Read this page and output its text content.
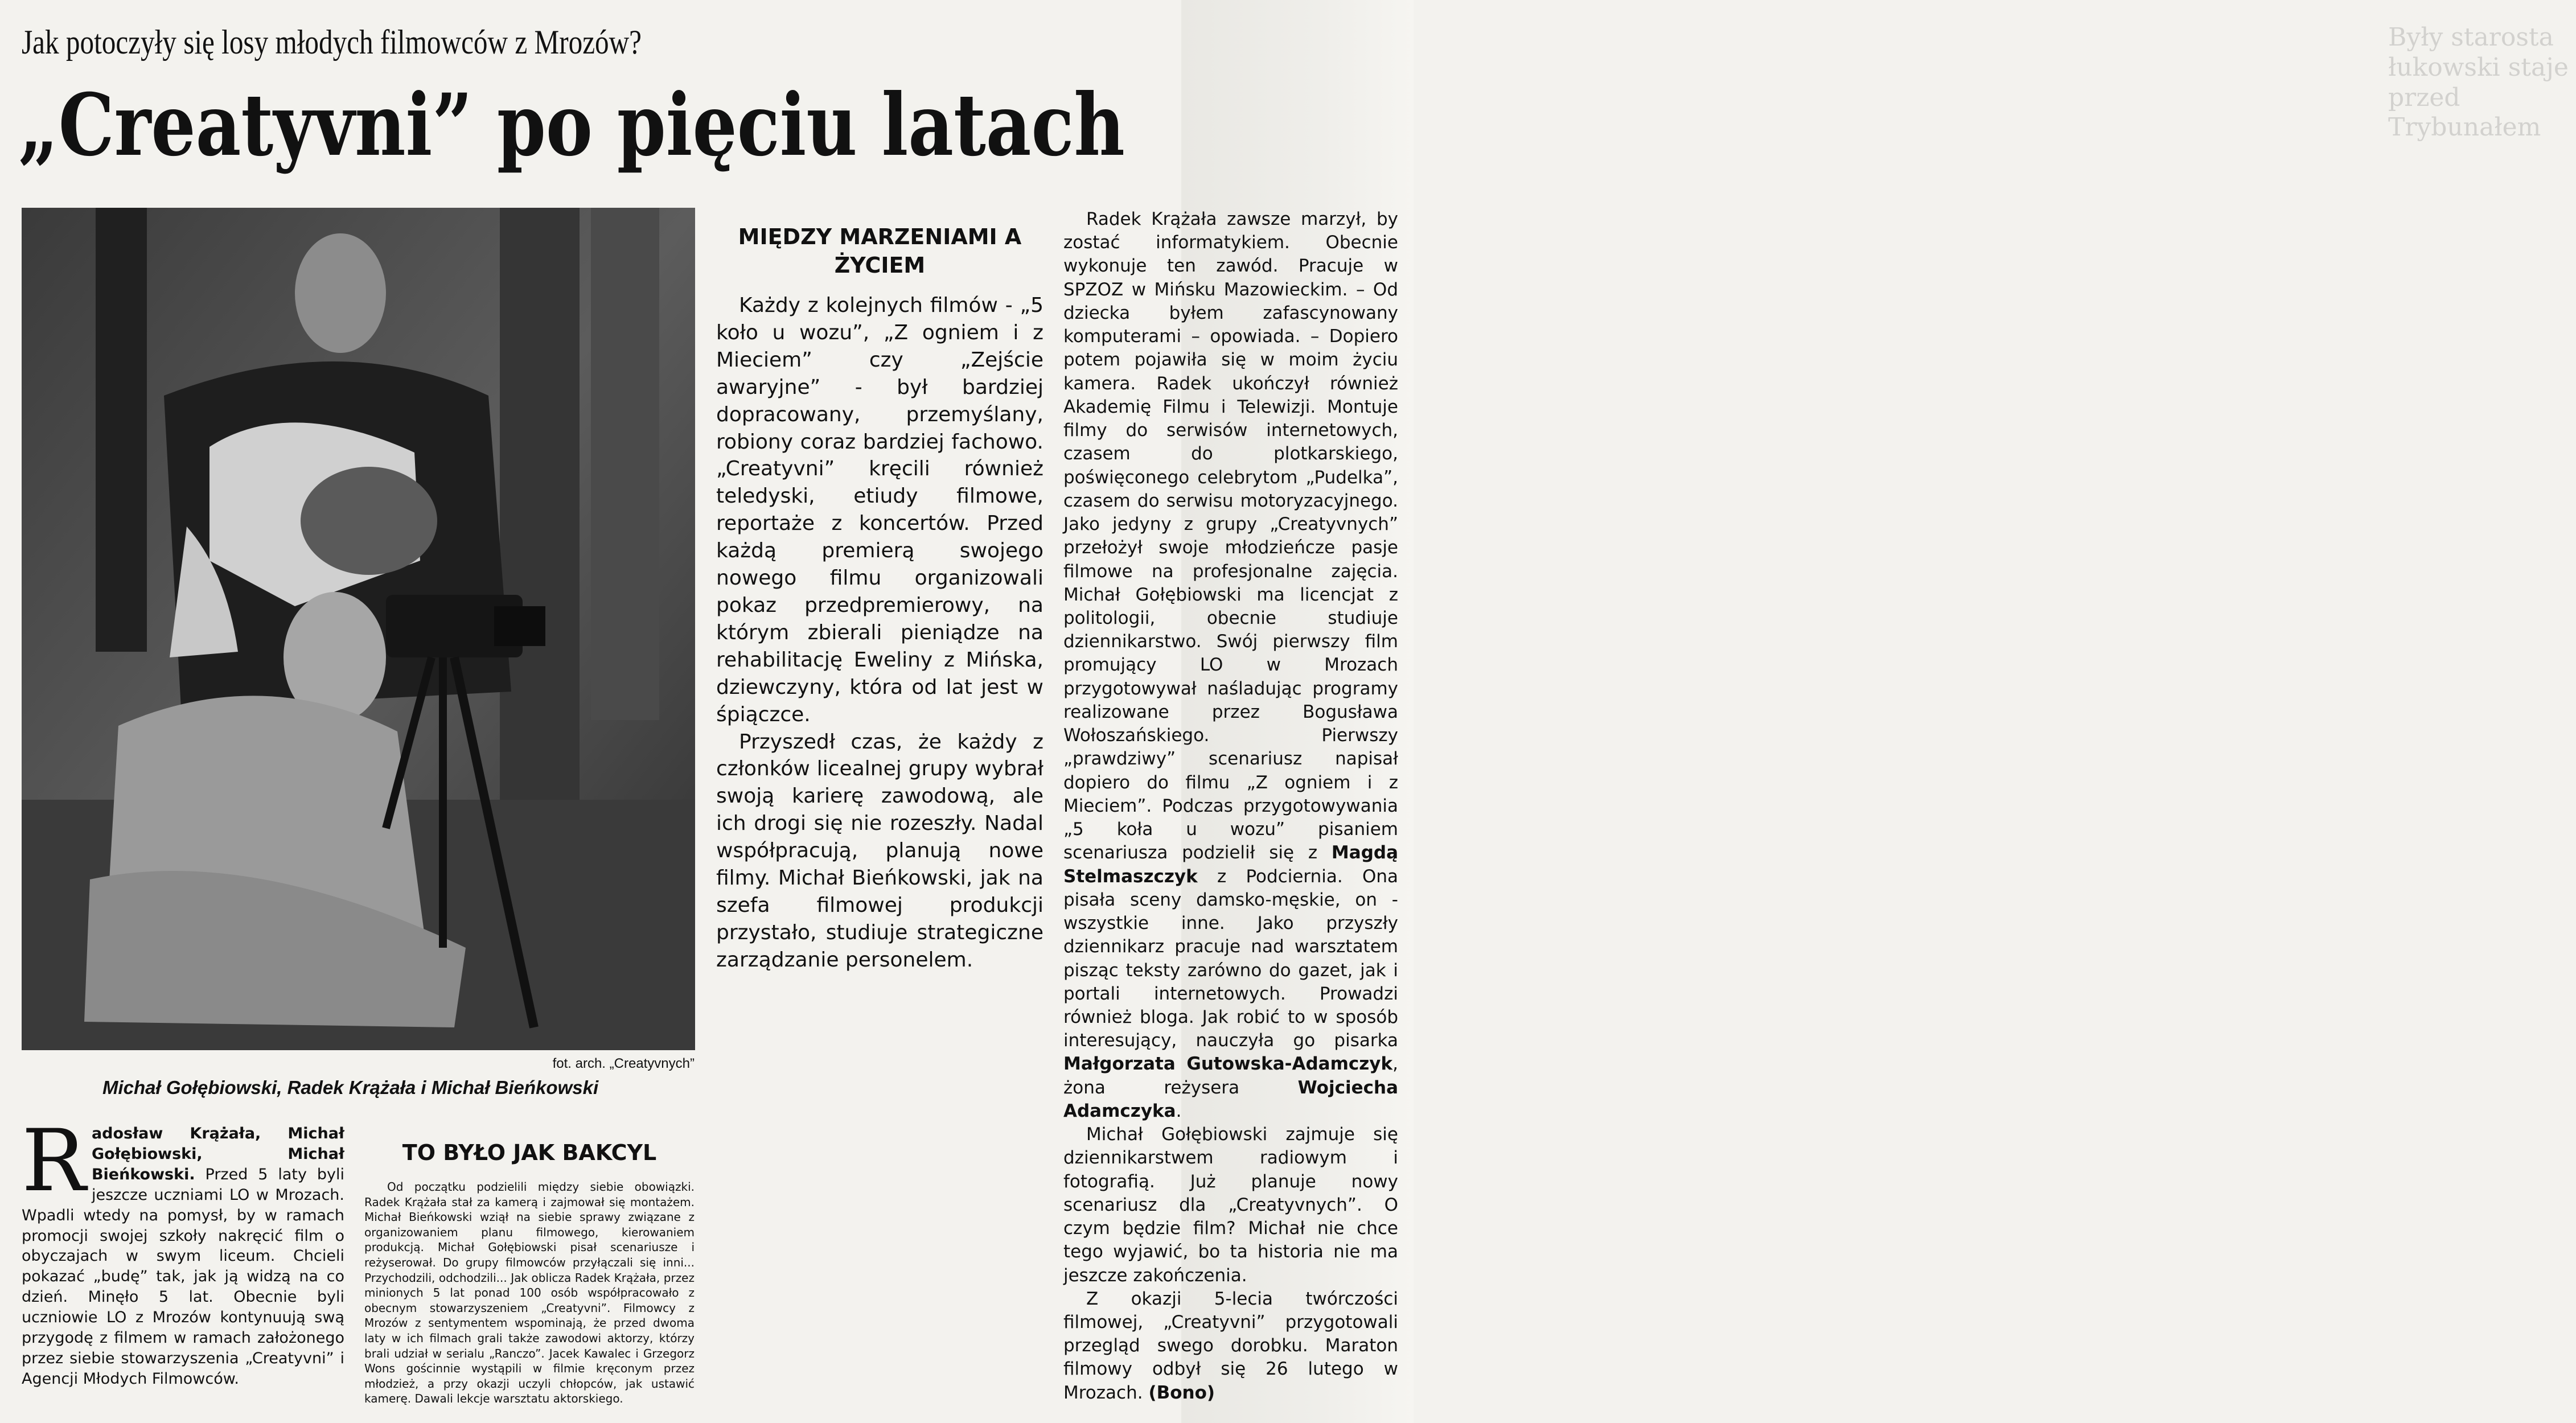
Były starosta łukowski staje przed Trybunałem
Jak potoczyły się losy młodych filmowców z Mrozów?
„Creatyvni” po pięciu latach
fot. arch. „Creatyvnych”
Michał Gołębiowski, Radek Krążała i Michał Bieńkowski

Radosław Krążała, Michał Gołębiowski, Michał Bieńkowski. Przed 5 laty byli jeszcze uczniami LO w Mrozach. Wpadli wtedy na pomysł, by w ramach promocji swojej szkoły nakręcić film o obyczajach w swym liceum. Chcieli pokazać „budę” tak, jak ją widzą na co dzień. Minęło 5 lat. Obecnie byli uczniowie LO z Mrozów kontynuują swą przygodę z filmem w ramach założonego przez siebie stowarzyszenia „Creatyvni” i Agencji Młodych Filmowców.

TO BYŁO JAK BAKCYL

Od początku podzielili między siebie obowiązki. Radek Krążała stał za kamerą i zajmował się montażem. Michał Bieńkowski wziął na siebie sprawy związane z organizowaniem planu filmowego, kierowaniem produkcją. Michał Gołębiowski pisał scenariusze i reżyserował. Do grupy filmowców przyłączali się inni... Przychodzili, odchodzili... Jak oblicza Radek Krążała, przez minionych 5 lat ponad 100 osób współpracowało z obecnym stowarzyszeniem „Creatyvni”. Filmowcy z Mrozów z sentymentem wspominają, że przed dwoma laty w ich filmach grali także zawodowi aktorzy, którzy brali udział w serialu „Ranczo”. Jacek Kawalec i Grzegorz Wons gościnnie wystąpili w filmie kręconym przez młodzież, a przy okazji uczyli chłopców, jak ustawić kamerę. Dawali lekcje warsztatu aktorskiego.

MIĘDZY MARZENIAMI A ŻYCIEM

Każdy z kolejnych filmów - „5 koło u wozu”, „Z ogniem i z Mieciem” czy „Zejście awaryjne” - był bardziej dopracowany, przemyślany, robiony coraz bardziej fachowo. „Creatyvni” kręcili również teledyski, etiudy filmowe, reportaże z koncertów. Przed każdą premierą swojego nowego filmu organizowali pokaz przedpremierowy, na którym zbierali pieniądze na rehabilitację Eweliny z Mińska, dziewczyny, która od lat jest w śpiączce.

Przyszedł czas, że każdy z członków licealnej grupy wybrał swoją karierę zawodową, ale ich drogi się nie rozeszły. Nadal współpracują, planują nowe filmy. Michał Bieńkowski, jak na szefa filmowej produkcji przystało, studiuje strategiczne zarządzanie personelem.

Radek Krążała zawsze marzył, by zostać informatykiem. Obecnie wykonuje ten zawód. Pracuje w SPZOZ w Mińsku Mazowieckim. – Od dziecka byłem zafascynowany komputerami – opowiada. – Dopiero potem pojawiła się w moim życiu kamera. Radek ukończył również Akademię Filmu i Telewizji. Montuje filmy do serwisów internetowych, czasem do plotkarskiego, poświęconego celebrytom „Pudelka”, czasem do serwisu motoryzacyjnego. Jako jedyny z grupy „Creatyvnych” przełożył swoje młodzieńcze pasje filmowe na profesjonalne zajęcia. Michał Gołębiowski ma licencjat z politologii, obecnie studiuje dziennikarstwo. Swój pierwszy film promujący LO w Mrozach przygotowywał naśladując programy realizowane przez Bogusława Wołoszańskiego. Pierwszy „prawdziwy” scenariusz napisał dopiero do filmu „Z ogniem i z Mieciem”. Podczas przygotowywania „5 koła u wozu” pisaniem scenariusza podzielił się z Magdą Stelmaszczyk z Podciernia. Ona pisała sceny damsko-męskie, on - wszystkie inne. Jako przyszły dziennikarz pracuje nad warsztatem pisząc teksty zarówno do gazet, jak i portali internetowych. Prowadzi również bloga. Jak robić to w sposób interesujący, nauczyła go pisarka Małgorzata Gutowska-Adamczyk, żona reżysera Wojciecha Adamczyka.

Michał Gołębiowski zajmuje się dziennikarstwem radiowym i fotografią. Już planuje nowy scenariusz dla „Creatyvnych”. O czym będzie film? Michał nie chce tego wyjawić, bo ta historia nie ma jeszcze zakończenia.

Z okazji 5-lecia twórczości filmowej, „Creatyvni” przygotowali przegląd swego dorobku. Maraton filmowy odbył się 26 lutego w Mrozach. (Bono)
